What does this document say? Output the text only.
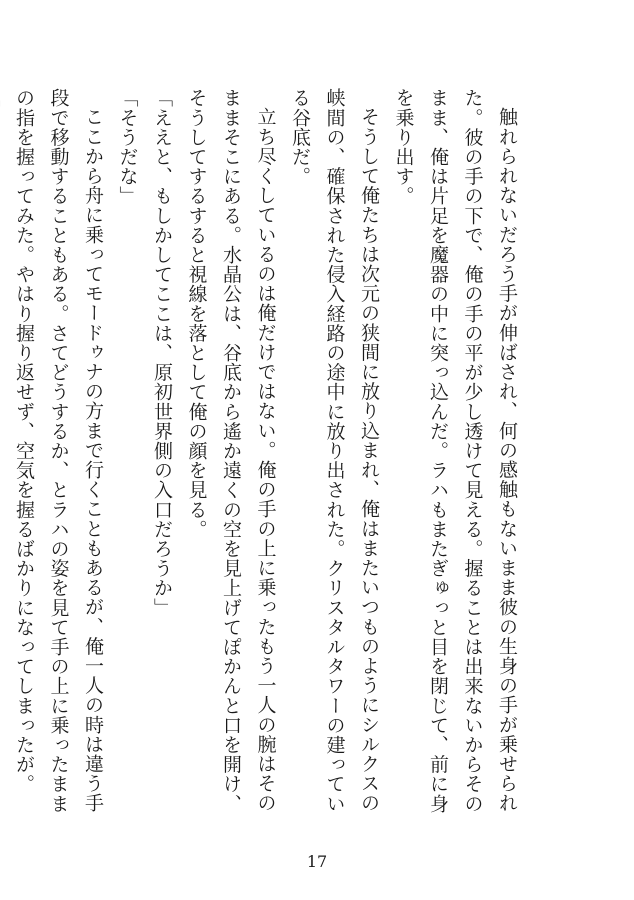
触れられないだろう手が伸ばされ、何の感触もないまま彼の生身の手が乗せられた。彼の手の下で、俺の手の平が少し透けて見える。握ることは出来ないからそのまま、俺は片足を魔器の中に突っ込んだ。ラハもまたぎゅっと目を閉じて、前に身を乗り出す。

そうして俺たちは次元の狭間に放り込まれ、俺はまたいつものようにシルクスの峡間の、確保された侵入経路の途中に放り出された。クリスタルタワーの建っている谷底だ。

立ち尽くしているのは俺だけではない。俺の手の上に乗ったもう一人の腕はそのままそこにある。水晶公は、谷底から遙か遠くの空を見上げてぽかんと口を開け、そうしてするすると視線を落として俺の顔を見る。

「ええと、もしかしてここは、原初世界側の入口だろうか」

「そうだな」

ここから舟に乗ってモードゥナの方まで行くこともあるが、俺一人の時は違う手段で移動することもある。さてどうするか、とラハの姿を見て手の上に乗ったままの指を握ってみた。やはり握り返せず、空気を握るばかりになってしまったが。

17
